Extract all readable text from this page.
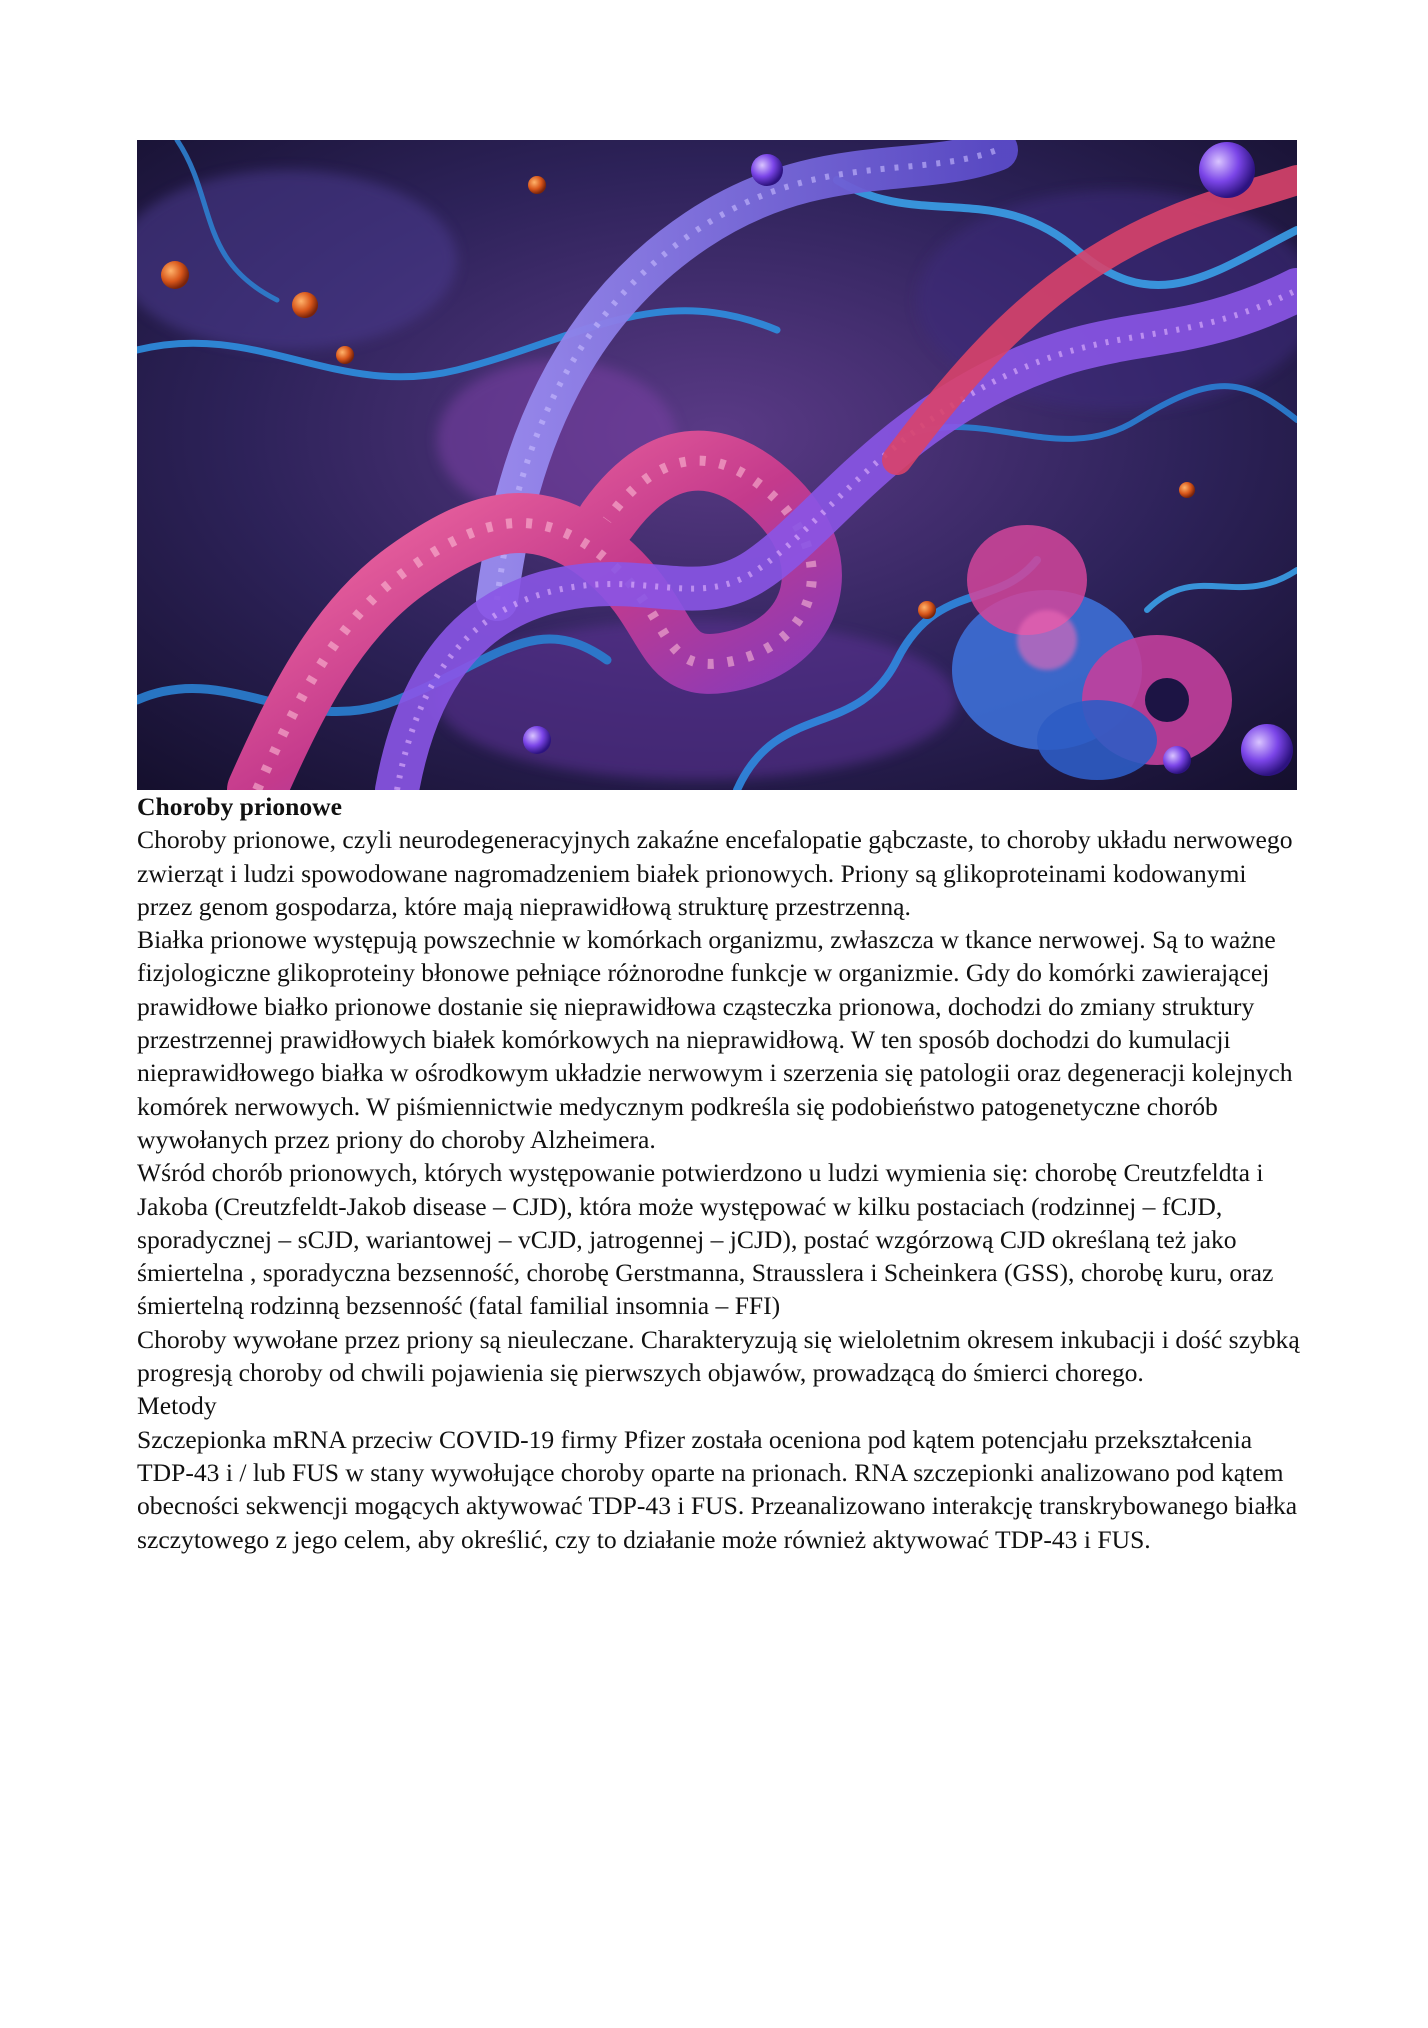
Choroby prionowe

Choroby prionowe, czyli neurodegeneracyjnych zakaźne encefalopatie gąbczaste, to choroby układu nerwowego zwierząt i ludzi spowodowane nagromadzeniem białek prionowych. Priony są glikoproteinami kodowanymi przez genom gospodarza, które mają nieprawidłową strukturę przestrzenną.

Białka prionowe występują powszechnie w komórkach organizmu, zwłaszcza w tkance nerwowej. Są to ważne fizjologiczne glikoproteiny błonowe pełniące różnorodne funkcje w organizmie. Gdy do komórki zawierającej prawidłowe białko prionowe dostanie się nieprawidłowa cząsteczka prionowa, dochodzi do zmiany struktury przestrzennej prawidłowych białek komórkowych na nieprawidłową. W ten sposób dochodzi do kumulacji nieprawidłowego białka w ośrodkowym układzie nerwowym i szerzenia się patologii oraz degeneracji kolejnych komórek nerwowych. W piśmiennictwie medycznym podkreśla się podobieństwo patogenetyczne chorób wywołanych przez priony do choroby Alzheimera.

Wśród chorób prionowych, których występowanie potwierdzono u ludzi wymienia się: chorobę Creutzfeldta i Jakoba (Creutzfeldt-Jakob disease – CJD), która może występować w kilku postaciach (rodzinnej – fCJD, sporadycznej – sCJD, wariantowej – vCJD, jatrogennej – jCJD), postać wzgórzową CJD określaną też jako śmiertelna , sporadyczna bezsenność, chorobę Gerstmanna, Strausslera i Scheinkera (GSS), chorobę kuru, oraz śmiertelną rodzinną bezsenność (fatal familial insomnia – FFI)

Choroby wywołane przez priony są nieuleczane. Charakteryzują się wieloletnim okresem inkubacji i dość szybką progresją choroby od chwili pojawienia się pierwszych objawów, prowadzącą do śmierci chorego.

Metody

Szczepionka mRNA przeciw COVID-19 firmy Pfizer została oceniona pod kątem potencjału przekształcenia TDP-43 i / lub FUS w stany wywołujące choroby oparte na prionach. RNA szczepionki analizowano pod kątem obecności sekwencji mogących aktywować TDP-43 i FUS. Przeanalizowano interakcję transkrybowanego białka szczytowego z jego celem, aby określić, czy to działanie może również aktywować TDP-43 i FUS.
